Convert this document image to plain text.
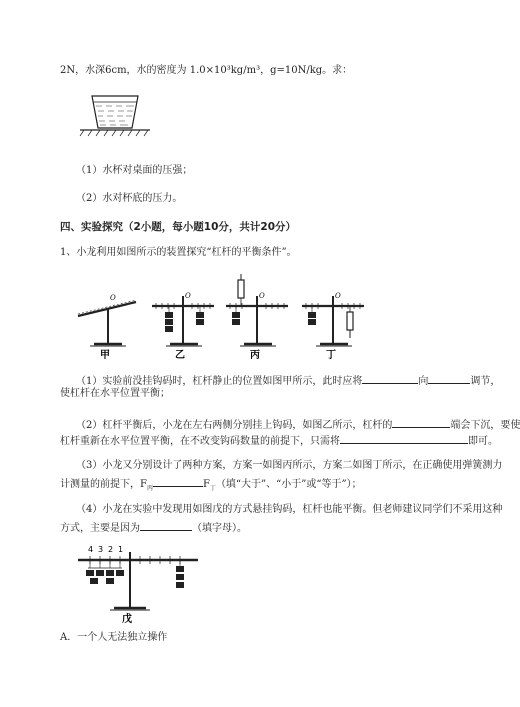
2N，水深6cm，水的密度为 1.0×10³kg/m³，g=10N/kg。求：
（1）水杯对桌面的压强；
（2）水对杯底的压力。
四、实验探究（2小题，每小题10分，共计20分）
1、小龙利用如图所示的装置探究“杠杆的平衡条件”。
O
甲
O
乙
O
丙
O
丁
（1）实验前没挂钩码时，杠杆静止的位置如图甲所示，此时应将	向	调节，
使杠杆在水平位置平衡；
（2）杠杆平衡后，小龙在左右两侧分别挂上钩码，如图乙所示，杠杆的	端会下沉，要使
杠杆重新在水平位置平衡，在不改变钩码数量的前提下，只需将	即可。
（3）小龙又分别设计了两种方案，方案一如图丙所示，方案二如图丁所示，在正确使用弹簧测力
计测量的前提下，$F_丙$	$F_丁$（填“大于”、“小于”或“等于”）；
（4）小龙在实验中发现用如图戊的方式悬挂钩码，杠杆也能平衡。但老师建议同学们不采用这种
方式，主要是因为	（填字母）。
4 3 2 1
戊
A．一个人无法独立操作
